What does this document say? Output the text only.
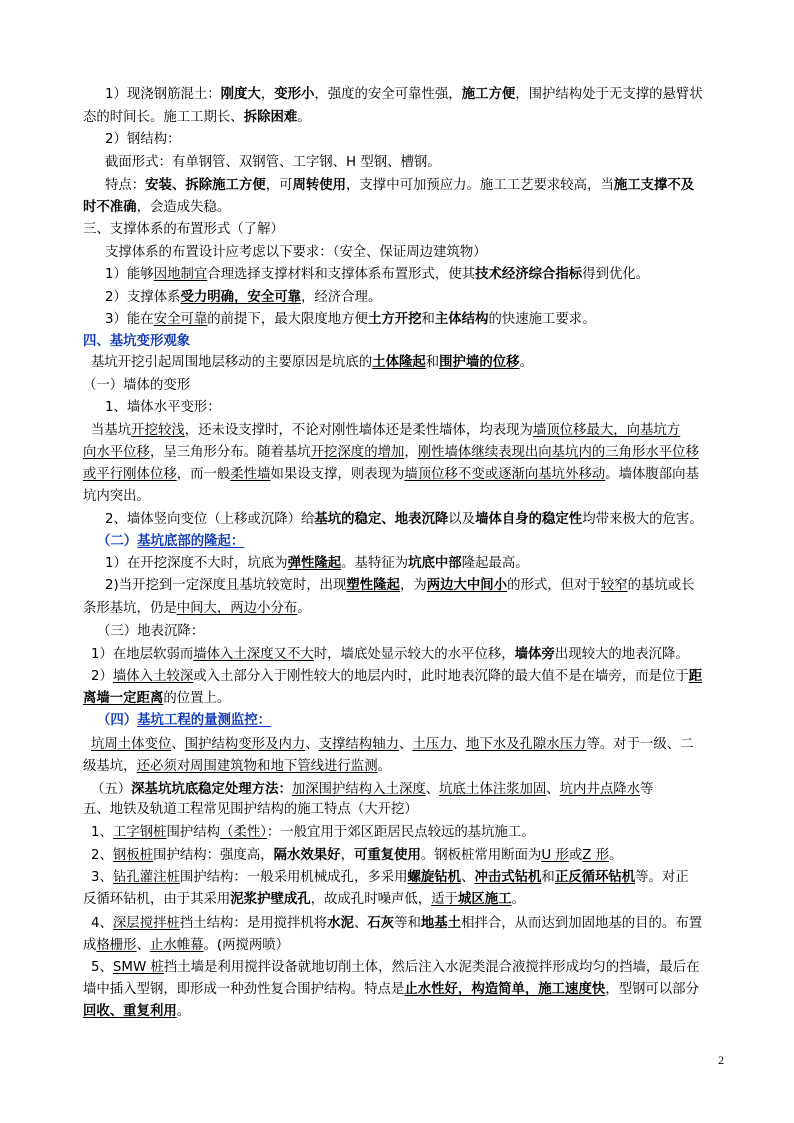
1）现浇钢筋混土：刚度大，变形小，强度的安全可靠性强，施工方便，围护结构处于无支撑的悬臂状
态的时间长。施工工期长、拆除困难。
2）钢结构：
截面形式：有单钢管、双钢管、工字钢、H 型钢、槽钢。
特点：安装、拆除施工方便，可周转使用，支撑中可加预应力。施工工艺要求较高，当施工支撑不及
时不准确，会造成失稳。
三、支撑体系的布置形式（了解）
支撑体系的布置设计应考虑以下要求：（安全、保证周边建筑物）
1）能够因地制宜合理选择支撑材料和支撑体系布置形式，使其技术经济综合指标得到优化。
2）支撑体系受力明确，安全可靠，经济合理。
3）能在安全可靠的前提下，最大限度地方便土方开挖和主体结构的快速施工要求。
四、基坑变形观象
基坑开挖引起周围地层移动的主要原因是坑底的土体隆起和围护墙的位移。
（一）墙体的变形
1、墙体水平变形：
当基坑开挖较浅，还未设支撑时，不论对刚性墙体还是柔性墙体，均表现为墙顶位移最大，向基坑方
向水平位移，呈三角形分布。随着基坑开挖深度的增加，刚性墙体继续表现出向基坑内的三角形水平位移
或平行刚体位移，而一般柔性墙如果设支撑，则表现为墙顶位移不变或逐渐向基坑外移动。墙体腹部向基
坑内突出。
2、墙体竖向变位（上移或沉降）给基坑的稳定、地表沉降以及墙体自身的稳定性均带来极大的危害。
（二）基坑底部的隆起：
1）在开挖深度不大时，坑底为弹性隆起。基特征为坑底中部隆起最高。
2)当开挖到一定深度且基坑较宽时，出现塑性隆起，为两边大中间小的形式，但对于较窄的基坑或长
条形基坑，仍是中间大，两边小分布。
（三）地表沉降：
1）在地层软弱而墙体入土深度又不大时，墙底处显示较大的水平位移，墙体旁出现较大的地表沉降。
2）墙体入土较深或入土部分入于刚性较大的地层内时，此时地表沉降的最大值不是在墙旁，而是位于距
离墙一定距离的位置上。
（四）基坑工程的量测监控：
坑周土体变位、围护结构变形及内力、支撑结构轴力、土压力、地下水及孔隙水压力等。对于一级、二
级基坑，还必须对周围建筑物和地下管线进行监测。
（五）深基坑坑底稳定处理方法：加深围护结构入土深度、坑底土体注浆加固、坑内井点降水等
五、地铁及轨道工程常见围护结构的施工特点（大开挖）
1、工字钢桩围护结构（柔性）：一般宜用于郊区距居民点较远的基坑施工。
2、钢板桩围护结构：强度高，隔水效果好，可重复使用。钢板桩常用断面为U 形或Z 形。
3、钻孔灌注桩围护结构：一般采用机械成孔，多采用螺旋钻机、冲击式钻机和正反循环钻机等。对正
反循环钻机，由于其采用泥浆护壁成孔，故成孔时噪声低，适于城区施工。
4、深层搅拌桩挡土结构：是用搅拌机将水泥、石灰等和地基土相拌合，从而达到加固地基的目的。布置
成格栅形、止水帷幕。(两搅两喷）
5、SMW 桩挡土墙是利用搅拌设备就地切削土体，然后注入水泥类混合液搅拌形成均匀的挡墙，最后在
墙中插入型钢，即形成一种劲性复合围护结构。特点是止水性好，构造简单，施工速度快，型钢可以部分
回收、重复利用。
2
